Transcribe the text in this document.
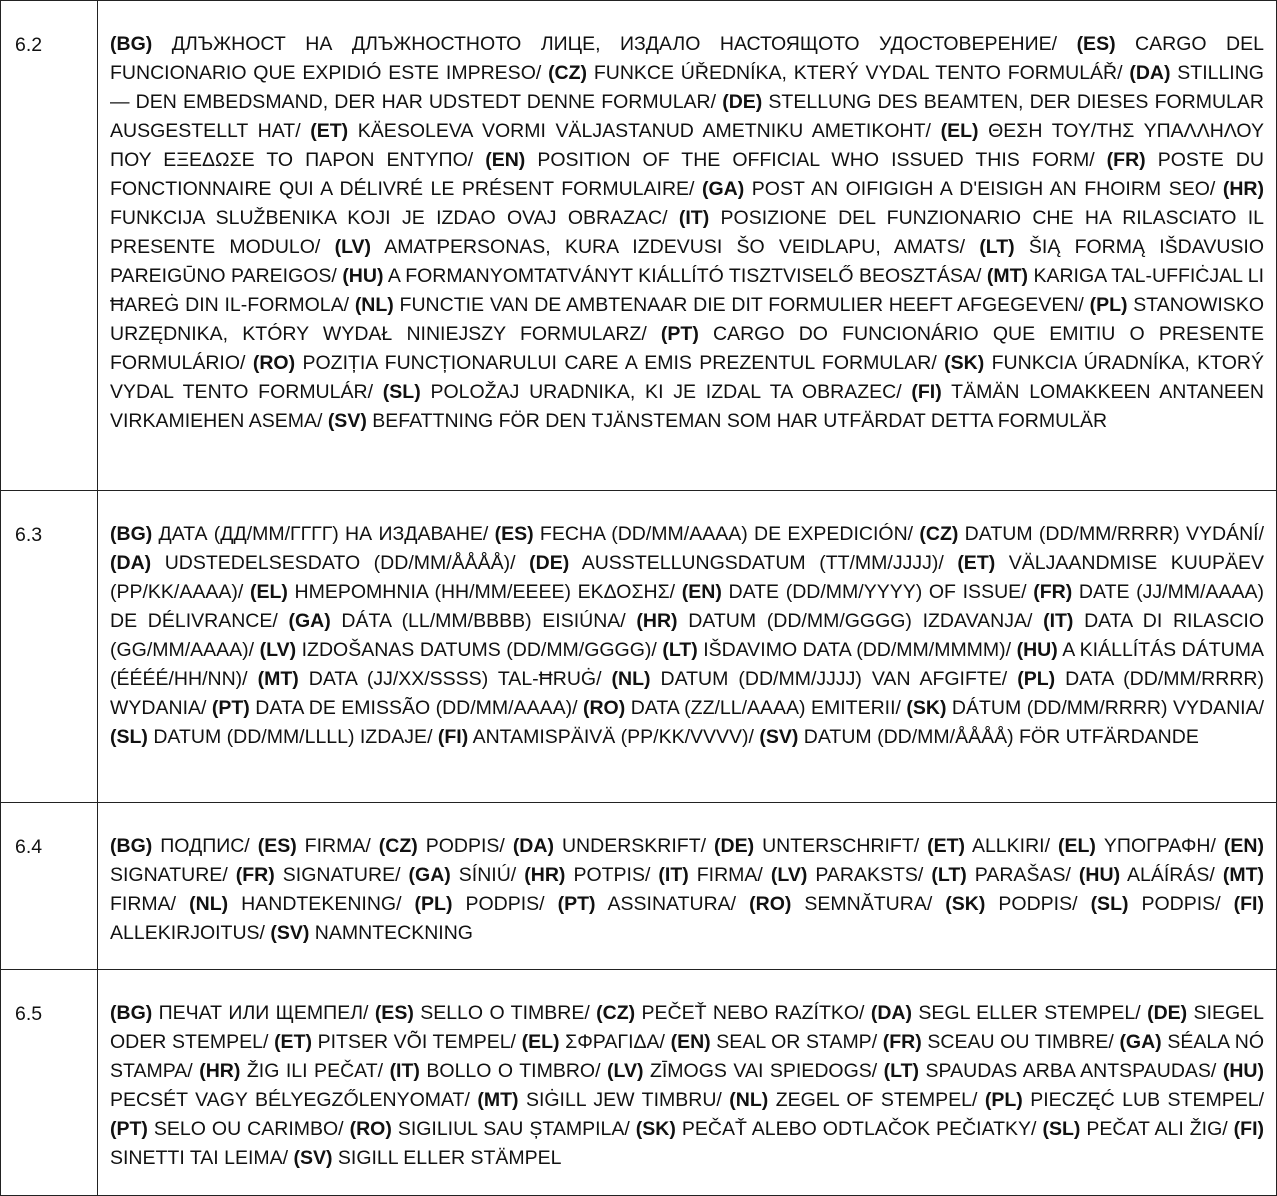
6.2	(BG) ДЛЪЖНОСТ НА ДЛЪЖНОСТНОТО ЛИЦЕ, ИЗДАЛО НАСТОЯЩОТО УДОСТОВЕРЕНИЕ/ (ES) CARGO DEL FUNCIONARIO QUE EXPIDIÓ ESTE IMPRESO/ (CZ) FUNKCE ÚŘEDNÍKA, KTERÝ VYDAL TENTO FORMULÁŘ/ (DA) STILLING — DEN EMBEDSMAND, DER HAR UDSTEDT DENNE FORMULAR/ (DE) STELLUNG DES BEAMTEN, DER DIESES FORMULAR AUSGESTELLT HAT/ (ET) KÄESOLEVA VORMI VÄLJASTANUD AMETNIKU AMETIKOHT/ (EL) ΘΕΣΗ ΤΟΥ/ΤΗΣ ΥΠΑΛΛΗΛΟΥ ΠΟΥ ΕΞΕΔΩΣΕ ΤΟ ΠΑΡΟΝ ΕΝΤΥΠΟ/ (EN) POSITION OF THE OFFICIAL WHO ISSUED THIS FORM/ (FR) POSTE DU FONCTIONNAIRE QUI A DÉLIVRÉ LE PRÉSENT FORMULAIRE/ (GA) POST AN OIFIGIGH A D'EISIGH AN FHOIRM SEO/ (HR) FUNKCIJA SLUŽBENIKA KOJI JE IZDAO OVAJ OBRAZAC/ (IT) POSIZIONE DEL FUNZIONARIO CHE HA RILASCIATO IL PRESENTE MODULO/ (LV) AMATPERSONAS, KURA IZDEVUSI ŠO VEIDLAPU, AMATS/ (LT) ŠIĄ FORMĄ IŠDAVUSIO PAREIGŪNO PAREIGOS/ (HU) A FORMANYOMTATVÁNYT KIÁLLÍTÓ TISZTVISELŐ BEOSZTÁSA/ (MT) KARIGA TAL-UFFIĊJAL LI ĦAREĠ DIN IL-FORMOLA/ (NL) FUNCTIE VAN DE AMBTENAAR DIE DIT FORMULIER HEEFT AFGEGEVEN/ (PL) STANOWISKO URZĘDNIKA, KTÓRY WYDAŁ NINIEJSZY FORMULARZ/ (PT) CARGO DO FUNCIONÁRIO QUE EMITIU O PRESENTE FORMULÁRIO/ (RO) POZIȚIA FUNCȚIONARULUI CARE A EMIS PREZENTUL FORMULAR/ (SK) FUNKCIA ÚRADNÍKA, KTORÝ VYDAL TENTO FORMULÁR/ (SL) POLOŽAJ URADNIKA, KI JE IZDAL TA OBRAZEC/ (FI) TÄMÄN LOMAKKEEN ANTANEEN VIRKAMIEHEN ASEMA/ (SV) BEFATTNING FÖR DEN TJÄNSTEMAN SOM HAR UTFÄRDAT DETTA FORMULÄR
6.3	(BG) ДАТА (ДД/ММ/ГГГГ) НА ИЗДАВАНЕ/ (ES) FECHA (DD/MM/AAAA) DE EXPEDICIÓN/ (CZ) DATUM (DD/MM/RRRR) VYDÁNÍ/ (DA) UDSTEDELSESDATO (DD/MM/ÅÅÅÅ)/ (DE) AUSSTELLUNGSDATUM (TT/MM/JJJJ)/ (ET) VÄLJAANDMISE KUUPÄEV (PP/KK/AAAA)/ (EL) ΗΜΕΡΟΜΗΝΙΑ (ΗΗ/ΜΜ/ΕΕΕΕ) ΕΚΔΟΣΗΣ/ (EN) DATE (DD/MM/YYYY) OF ISSUE/ (FR) DATE (JJ/MM/AAAA) DE DÉLIVRANCE/ (GA) DÁTA (LL/MM/BBBB) EISIÚNA/ (HR) DATUM (DD/MM/GGGG) IZDAVANJA/ (IT) DATA DI RILASCIO (GG/MM/AAAA)/ (LV) IZDOŠANAS DATUMS (DD/MM/GGGG)/ (LT) IŠDAVIMO DATA (DD/MM/MMMM)/ (HU) A KIÁLLÍTÁS DÁTUMA (ÉÉÉÉ/HH/NN)/ (MT) DATA (JJ/XX/SSSS) TAL-ĦRUĠ/ (NL) DATUM (DD/MM/JJJJ) VAN AFGIFTE/ (PL) DATA (DD/MM/RRRR) WYDANIA/ (PT) DATA DE EMISSÃO (DD/MM/AAAA)/ (RO) DATA (ZZ/LL/AAAA) EMITERII/ (SK) DÁTUM (DD/MM/RRRR) VYDANIA/ (SL) DATUM (DD/MM/LLLL) IZDAJE/ (FI) ANTAMISPÄIVÄ (PP/KK/VVVV)/ (SV) DATUM (DD/MM/ÅÅÅÅ) FÖR UTFÄRDANDE
6.4	(BG) ПОДПИС/ (ES) FIRMA/ (CZ) PODPIS/ (DA) UNDERSKRIFT/ (DE) UNTERSCHRIFT/ (ET) ALLKIRI/ (EL) ΥΠΟΓΡΑΦΗ/ (EN) SIGNATURE/ (FR) SIGNATURE/ (GA) SÍNIÚ/ (HR) POTPIS/ (IT) FIRMA/ (LV) PARAKSTS/ (LT) PARAŠAS/ (HU) ALÁÍRÁS/ (MT) FIRMA/ (NL) HANDTEKENING/ (PL) PODPIS/ (PT) ASSINATURA/ (RO) SEMNĂTURA/ (SK) PODPIS/ (SL) PODPIS/ (FI) ALLEKIRJOITUS/ (SV) NAMNTECKNING
6.5	(BG) ПЕЧАТ ИЛИ ЩЕМПЕЛ/ (ES) SELLO O TIMBRE/ (CZ) PEČEŤ NEBO RAZÍTKO/ (DA) SEGL ELLER STEMPEL/ (DE) SIEGEL ODER STEMPEL/ (ET) PITSER VÕI TEMPEL/ (EL) ΣΦΡΑΓΙΔΑ/ (EN) SEAL OR STAMP/ (FR) SCEAU OU TIMBRE/ (GA) SÉALA NÓ STAMPA/ (HR) ŽIG ILI PEČAT/ (IT) BOLLO O TIMBRO/ (LV) ZĪMOGS VAI SPIEDOGS/ (LT) SPAUDAS ARBA ANTSPAUDAS/ (HU) PECSÉT VAGY BÉLYEGZŐLENYOMAT/ (MT) SIĠILL JEW TIMBRU/ (NL) ZEGEL OF STEMPEL/ (PL) PIECZĘĆ LUB STEMPEL/ (PT) SELO OU CARIMBO/ (RO) SIGILIUL SAU ȘTAMPILA/ (SK) PEČAŤ ALEBO ODTLAČOK PEČIATKY/ (SL) PEČAT ALI ŽIG/ (FI) SINETTI TAI LEIMA/ (SV) SIGILL ELLER STÄMPEL
